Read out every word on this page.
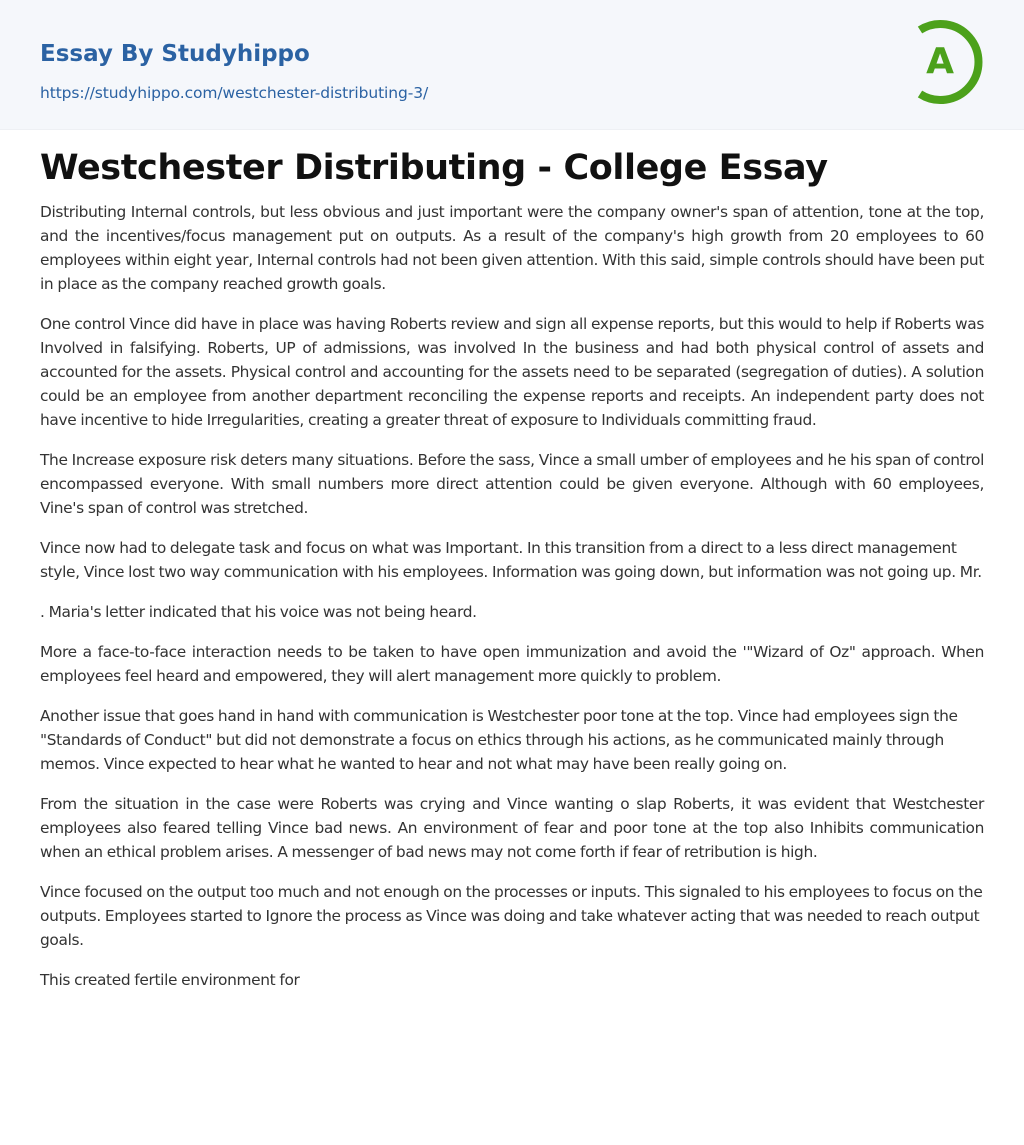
Essay By Studyhippo
https://studyhippo.com/westchester-distributing-3/
A
Westchester Distributing - College Essay

Distributing Internal controls, but less obvious and just important were the company owner's span of attention, tone at the top, and the incentives/focus management put on outputs. As a result of the company's high growth from 20 employees to 60 employees within eight year, Internal controls had not been given attention. With this said, simple controls should have been put in place as the company reached growth goals.

One control Vince did have in place was having Roberts review and sign all expense reports, but this would to help if Roberts was Involved in falsifying. Roberts, UP of admissions, was involved In the business and had both physical control of assets and accounted for the assets. Physical control and accounting for the assets need to be separated (segregation of duties). A solution could be an employee from another department reconciling the expense reports and receipts. An independent party does not have incentive to hide Irregularities, creating a greater threat of exposure to Individuals committing fraud.

The Increase exposure risk deters many situations. Before the sass, Vince a small umber of employees and he his span of control encompassed everyone. With small numbers more direct attention could be given everyone. Although with 60 employees, Vine's span of control was stretched.

Vince now had to delegate task and focus on what was Important. In this transition from a direct to a less direct management style, Vince lost two way communication with his employees. Information was going down, but information was not going up. Mr.

. Maria's letter indicated that his voice was not being heard.

More a face-to-face interaction needs to be taken to have open immunization and avoid the '"Wizard of Oz" approach. When employees feel heard and empowered, they will alert management more quickly to problem.

Another issue that goes hand in hand with communication is Westchester poor tone at the top. Vince had employees sign the "Standards of Conduct" but did not demonstrate a focus on ethics through his actions, as he communicated mainly through memos. Vince expected to hear what he wanted to hear and not what may have been really going on.

From the situation in the case were Roberts was crying and Vince wanting o slap Roberts, it was evident that Westchester employees also feared telling Vince bad news. An environment of fear and poor tone at the top also Inhibits communication when an ethical problem arises. A messenger of bad news may not come forth if fear of retribution is high.

Vince focused on the output too much and not enough on the processes or inputs. This signaled to his employees to focus on the outputs. Employees started to Ignore the process as Vince was doing and take whatever acting that was needed to reach output goals.

This created fertile environment for
